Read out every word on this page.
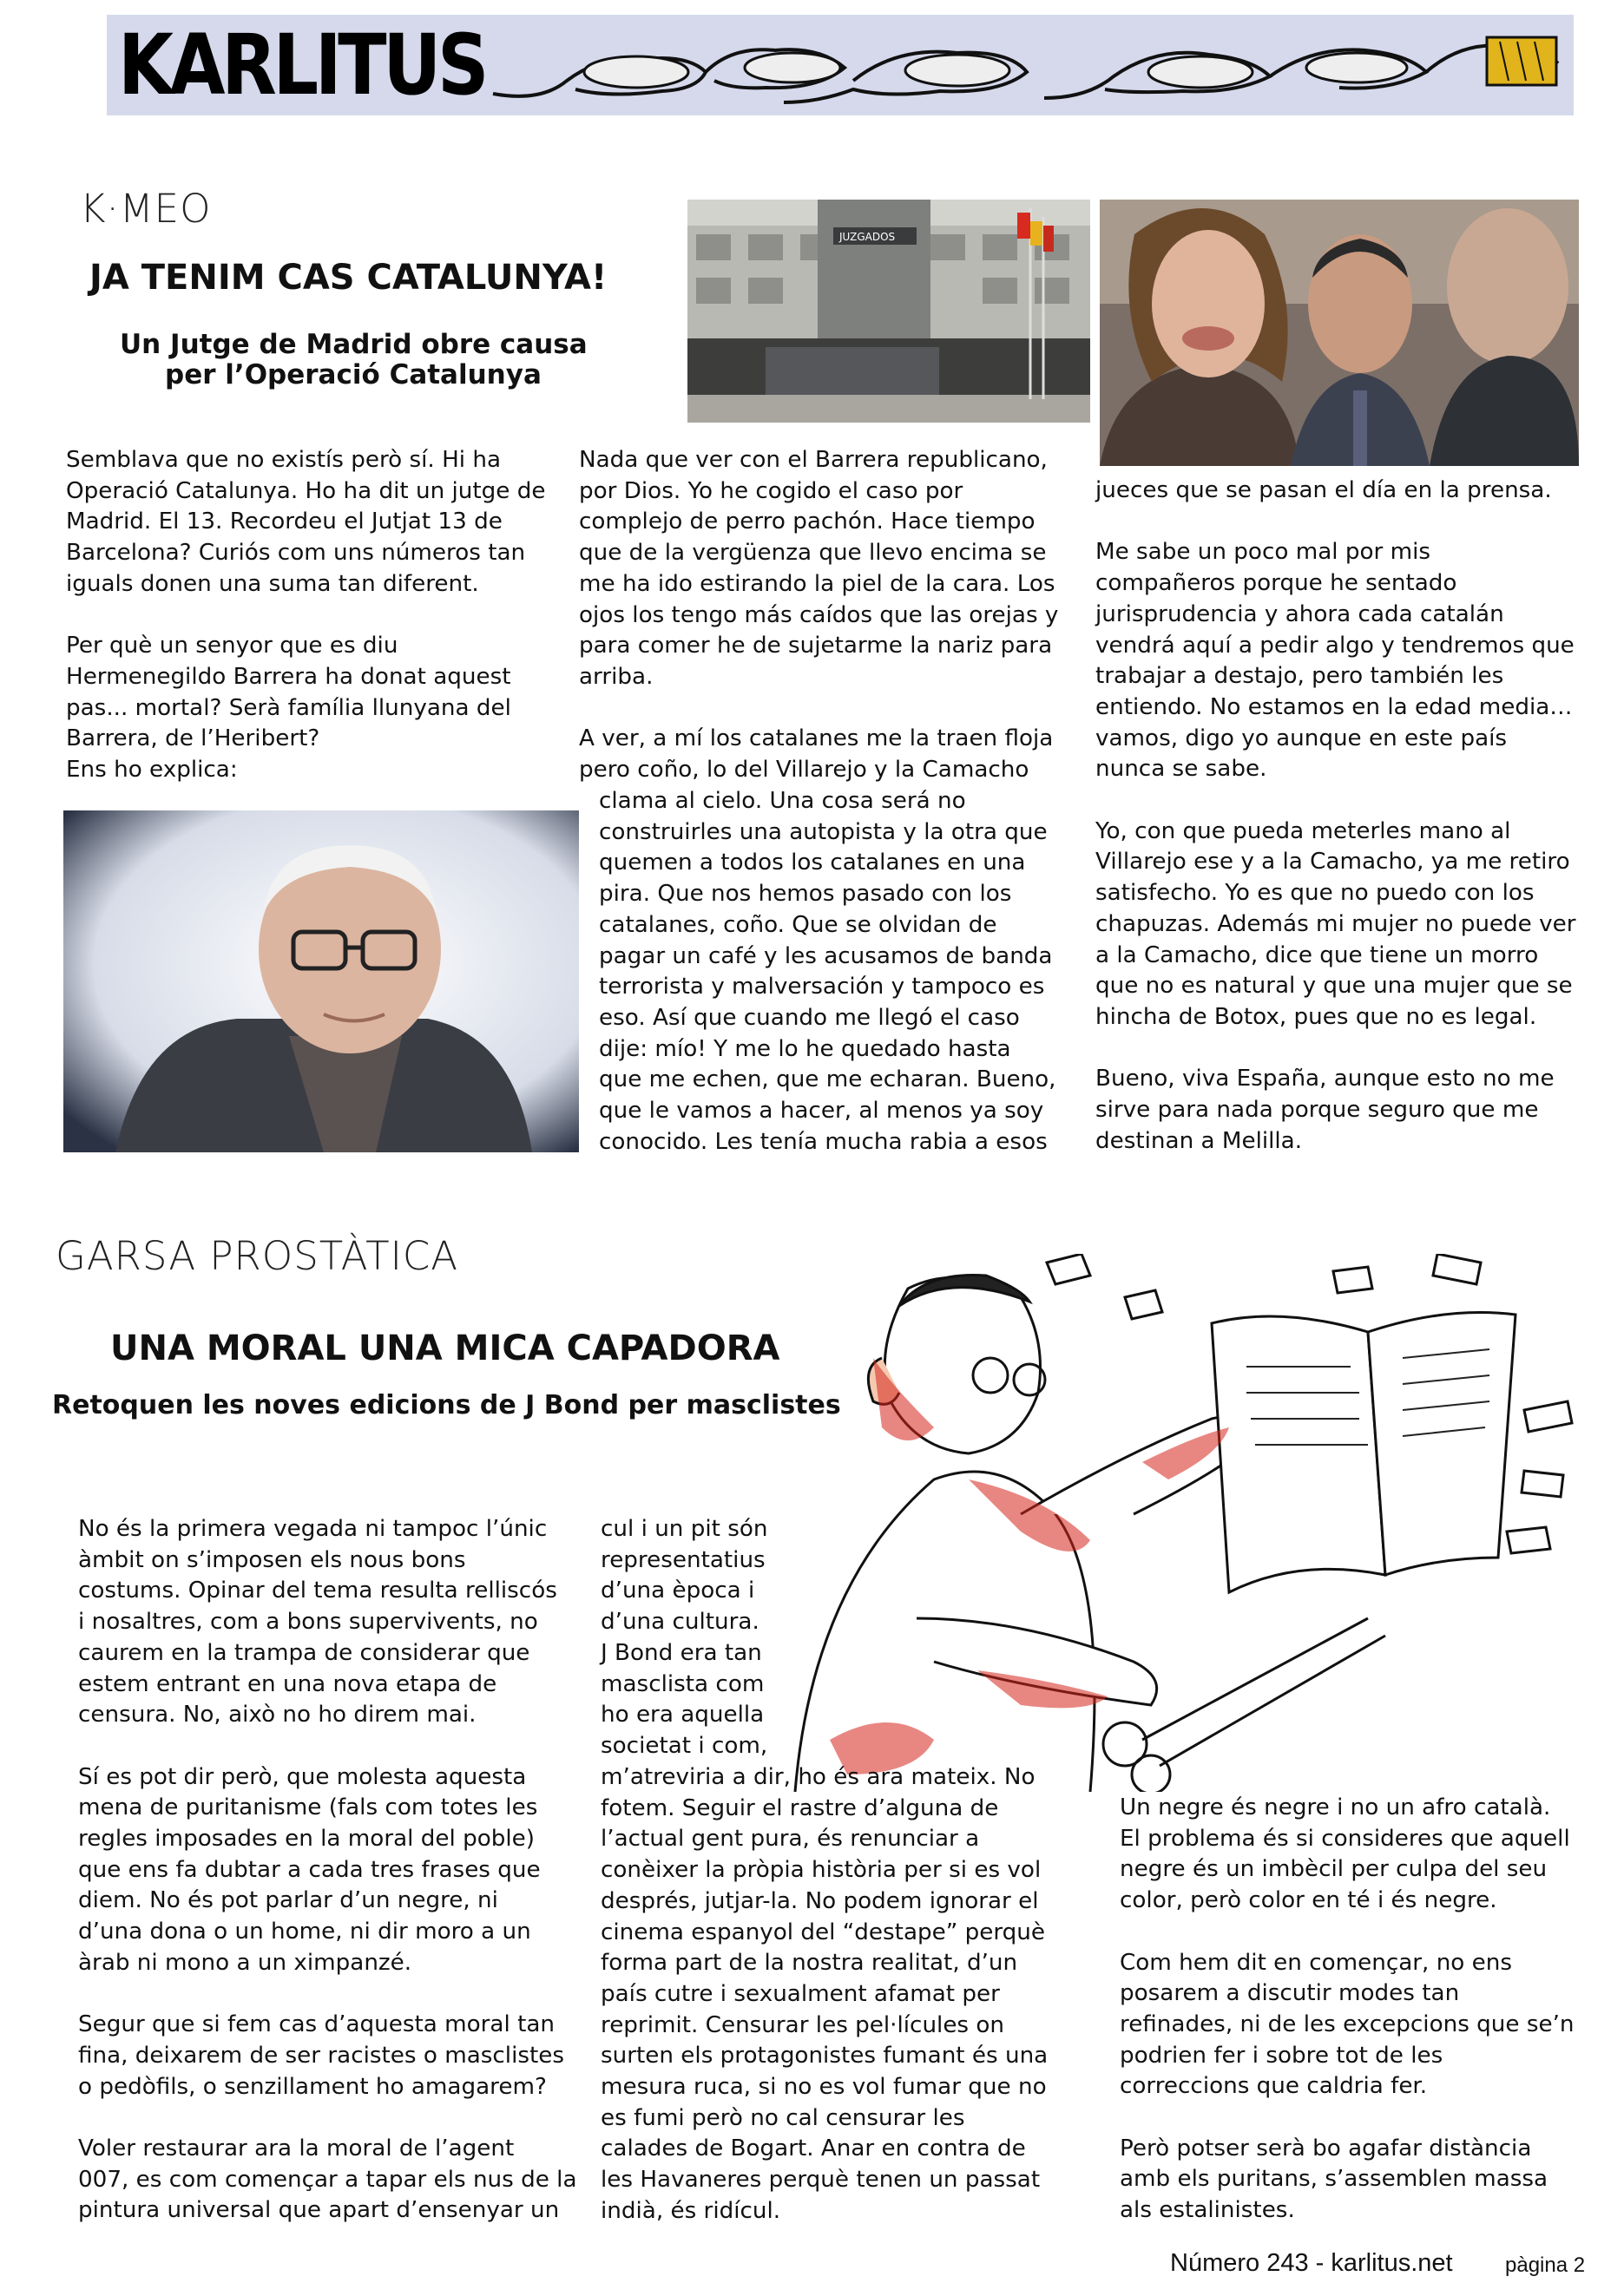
KARLITUS
K·MEO
JA TENIM CAS CATALUNYA!
Un Jutge de Madrid obre causa
per l’Operació Catalunya
JUZGADOS

Semblava que no existís però sí. Hi ha

Operació Catalunya. Ho ha dit un jutge de

Madrid. El 13. Recordeu el Jutjat 13 de

Barcelona? Curiós com uns números tan

iguals donen una suma tan diferent.

Per què un senyor que es diu

Hermenegildo Barrera ha donat aquest

pas... mortal? Serà família llunyana del

Barrera, de l’Heribert?

Ens ho explica:

Nada que ver con el Barrera republicano,

por Dios. Yo he cogido el caso por

complejo de perro pachón. Hace tiempo

que de la vergüenza que llevo encima se

me ha ido estirando la piel de la cara. Los

ojos los tengo más caídos que las orejas y

para comer he de sujetarme la nariz para

arriba.

A ver, a mí los catalanes me la traen floja

pero coño, lo del Villarejo y la Camacho

clama al cielo. Una cosa será no

construirles una autopista y la otra que

quemen a todos los catalanes en una

pira. Que nos hemos pasado con los

catalanes, coño. Que se olvidan de

pagar un café y les acusamos de banda

terrorista y malversación y tampoco es

eso. Así que cuando me llegó el caso

dije: mío! Y me lo he quedado hasta

que me echen, que me echaran. Bueno,

que le vamos a hacer, al menos ya soy

conocido. Les tenía mucha rabia a esos

jueces que se pasan el día en la prensa.

Me sabe un poco mal por mis

compañeros porque he sentado

jurisprudencia y ahora cada catalán

vendrá aquí a pedir algo y tendremos que

trabajar a destajo, pero también les

entiendo. No estamos en la edad media…

vamos, digo yo aunque en este país

nunca se sabe.

Yo, con que pueda meterles mano al

Villarejo ese y a la Camacho, ya me retiro

satisfecho. Yo es que no puedo con los

chapuzas. Además mi mujer no puede ver

a la Camacho, dice que tiene un morro

que no es natural y que una mujer que se

hincha de Botox, pues que no es legal.

Bueno, viva España, aunque esto no me

sirve para nada porque seguro que me

destinan a Melilla.

GARSA PROSTÀTICA
UNA MORAL UNA MICA CAPADORA
Retoquen les noves edicions de J Bond per masclistes

No és la primera vegada ni tampoc l’únic

àmbit on s’imposen els nous bons

costums. Opinar del tema resulta relliscós

i nosaltres, com a bons supervivents, no

caurem en la trampa de considerar que

estem entrant en una nova etapa de

censura. No, això no ho direm mai.

Sí es pot dir però, que molesta aquesta

mena de puritanisme (fals com totes les

regles imposades en la moral del poble)

que ens fa dubtar a cada tres frases que

diem. No és pot parlar d’un negre, ni

d’una dona o un home, ni dir moro a un

àrab ni mono a un ximpanzé.

Segur que si fem cas d’aquesta moral tan

fina, deixarem de ser racistes o masclistes

o pedòfils, o senzillament ho amagarem?

Voler restaurar ara la moral de l’agent

007, es com començar a tapar els nus de la

pintura universal que apart d’ensenyar un

cul i un pit són

representatius

d’una època i

d’una cultura.

J Bond era tan

masclista com

ho era aquella

societat i com,

m’atreviria a dir, ho és ara mateix. No

fotem. Seguir el rastre d’alguna de

l’actual gent pura, és renunciar a

conèixer la pròpia història per si es vol

després, jutjar-la. No podem ignorar el

cinema espanyol del “destape” perquè

forma part de la nostra realitat, d’un

país cutre i sexualment afamat per

reprimit. Censurar les pel·lícules on

surten els protagonistes fumant és una

mesura ruca, si no es vol fumar que no

es fumi però no cal censurar les

calades de Bogart. Anar en contra de

les Havaneres perquè tenen un passat

indià, és ridícul.

Un negre és negre i no un afro català.

El problema és si consideres que aquell

negre és un imbècil per culpa del seu

color, però color en té i és negre.

Com hem dit en començar, no ens

posarem a discutir modes tan

refinades, ni de les excepcions que se’n

podrien fer i sobre tot de les

correccions que caldria fer.

Però potser serà bo agafar distància

amb els puritans, s’assemblen massa

als estalinistes.

Número 243 - karlitus.net	pàgina 2
